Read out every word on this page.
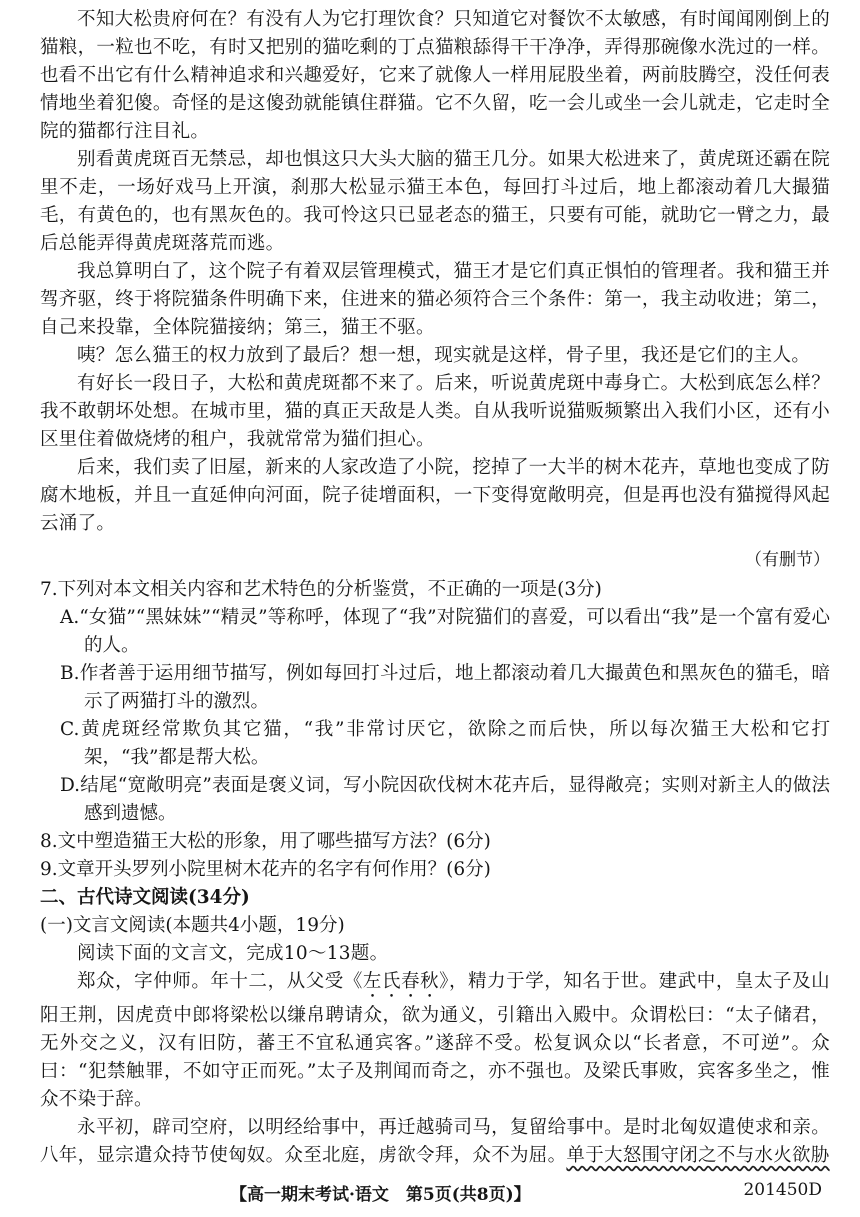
不知大松贵府何在？有没有人为它打理饮食？只知道它对餐饮不太敏感，有时闻闻刚倒上的猫粮，一粒也不吃，有时又把别的猫吃剩的丁点猫粮舔得干干净净，弄得那碗像水洗过的一样。也看不出它有什么精神追求和兴趣爱好，它来了就像人一样用屁股坐着，两前肢腾空，没任何表情地坐着犯傻。奇怪的是这傻劲就能镇住群猫。它不久留，吃一会儿或坐一会儿就走，它走时全院的猫都行注目礼。

别看黄虎斑百无禁忌，却也惧这只大头大脑的猫王几分。如果大松进来了，黄虎斑还霸在院里不走，一场好戏马上开演，刹那大松显示猫王本色，每回打斗过后，地上都滚动着几大撮猫毛，有黄色的，也有黑灰色的。我可怜这只已显老态的猫王，只要有可能，就助它一臂之力，最后总能弄得黄虎斑落荒而逃。

我总算明白了，这个院子有着双层管理模式，猫王才是它们真正惧怕的管理者。我和猫王并驾齐驱，终于将院猫条件明确下来，住进来的猫必须符合三个条件：第一，我主动收进；第二，自己来投靠，全体院猫接纳；第三，猫王不驱。

咦？怎么猫王的权力放到了最后？想一想，现实就是这样，骨子里，我还是它们的主人。

有好长一段日子，大松和黄虎斑都不来了。后来，听说黄虎斑中毒身亡。大松到底怎么样？我不敢朝坏处想。在城市里，猫的真正天敌是人类。自从我听说猫贩频繁出入我们小区，还有小区里住着做烧烤的租户，我就常常为猫们担心。

后来，我们卖了旧屋，新来的人家改造了小院，挖掉了一大半的树木花卉，草地也变成了防腐木地板，并且一直延伸向河面，院子徒增面积，一下变得宽敞明亮，但是再也没有猫搅得风起云涌了。

（有删节）

7.下列对本文相关内容和艺术特色的分析鉴赏，不正确的一项是(3分)

A.“女猫”“黑妹妹”“精灵”等称呼，体现了“我”对院猫们的喜爱，可以看出“我”是一个富有爱心的人。

B.作者善于运用细节描写，例如每回打斗过后，地上都滚动着几大撮黄色和黑灰色的猫毛，暗示了两猫打斗的激烈。

C.黄虎斑经常欺负其它猫，“我”非常讨厌它，欲除之而后快，所以每次猫王大松和它打架，“我”都是帮大松。

D.结尾“宽敞明亮”表面是褒义词，写小院因砍伐树木花卉后，显得敞亮；实则对新主人的做法感到遗憾。

8.文中塑造猫王大松的形象，用了哪些描写方法？(6分)

9.文章开头罗列小院里树木花卉的名字有何作用？(6分)

二、古代诗文阅读(34分)

(一)文言文阅读(本题共4小题，19分)

阅读下面的文言文，完成10～13题。

郑众，字仲师。年十二，从父受《左氏春秋》，精力于学，知名于世。建武中，皇太子及山阳王荆，因虎贲中郎将梁松以缣帛聘请众，欲为通义，引籍出入殿中。众谓松曰：“太子储君，无外交之义，汉有旧防，蕃王不宜私通宾客。”遂辞不受。松复讽众以“长者意，不可逆”。众曰：“犯禁触罪，不如守正而死。”太子及荆闻而奇之，亦不强也。及梁氏事败，宾客多坐之，惟众不染于辞。

永平初，辟司空府，以明经给事中，再迁越骑司马，复留给事中。是时北匈奴遣使求和亲。八年，显宗遣众持节使匈奴。众至北庭，虏欲令拜，众不为屈。单于大怒围守闭之不与水火欲胁

【高一期末考试·语文　第5页(共8页)】	201450D
